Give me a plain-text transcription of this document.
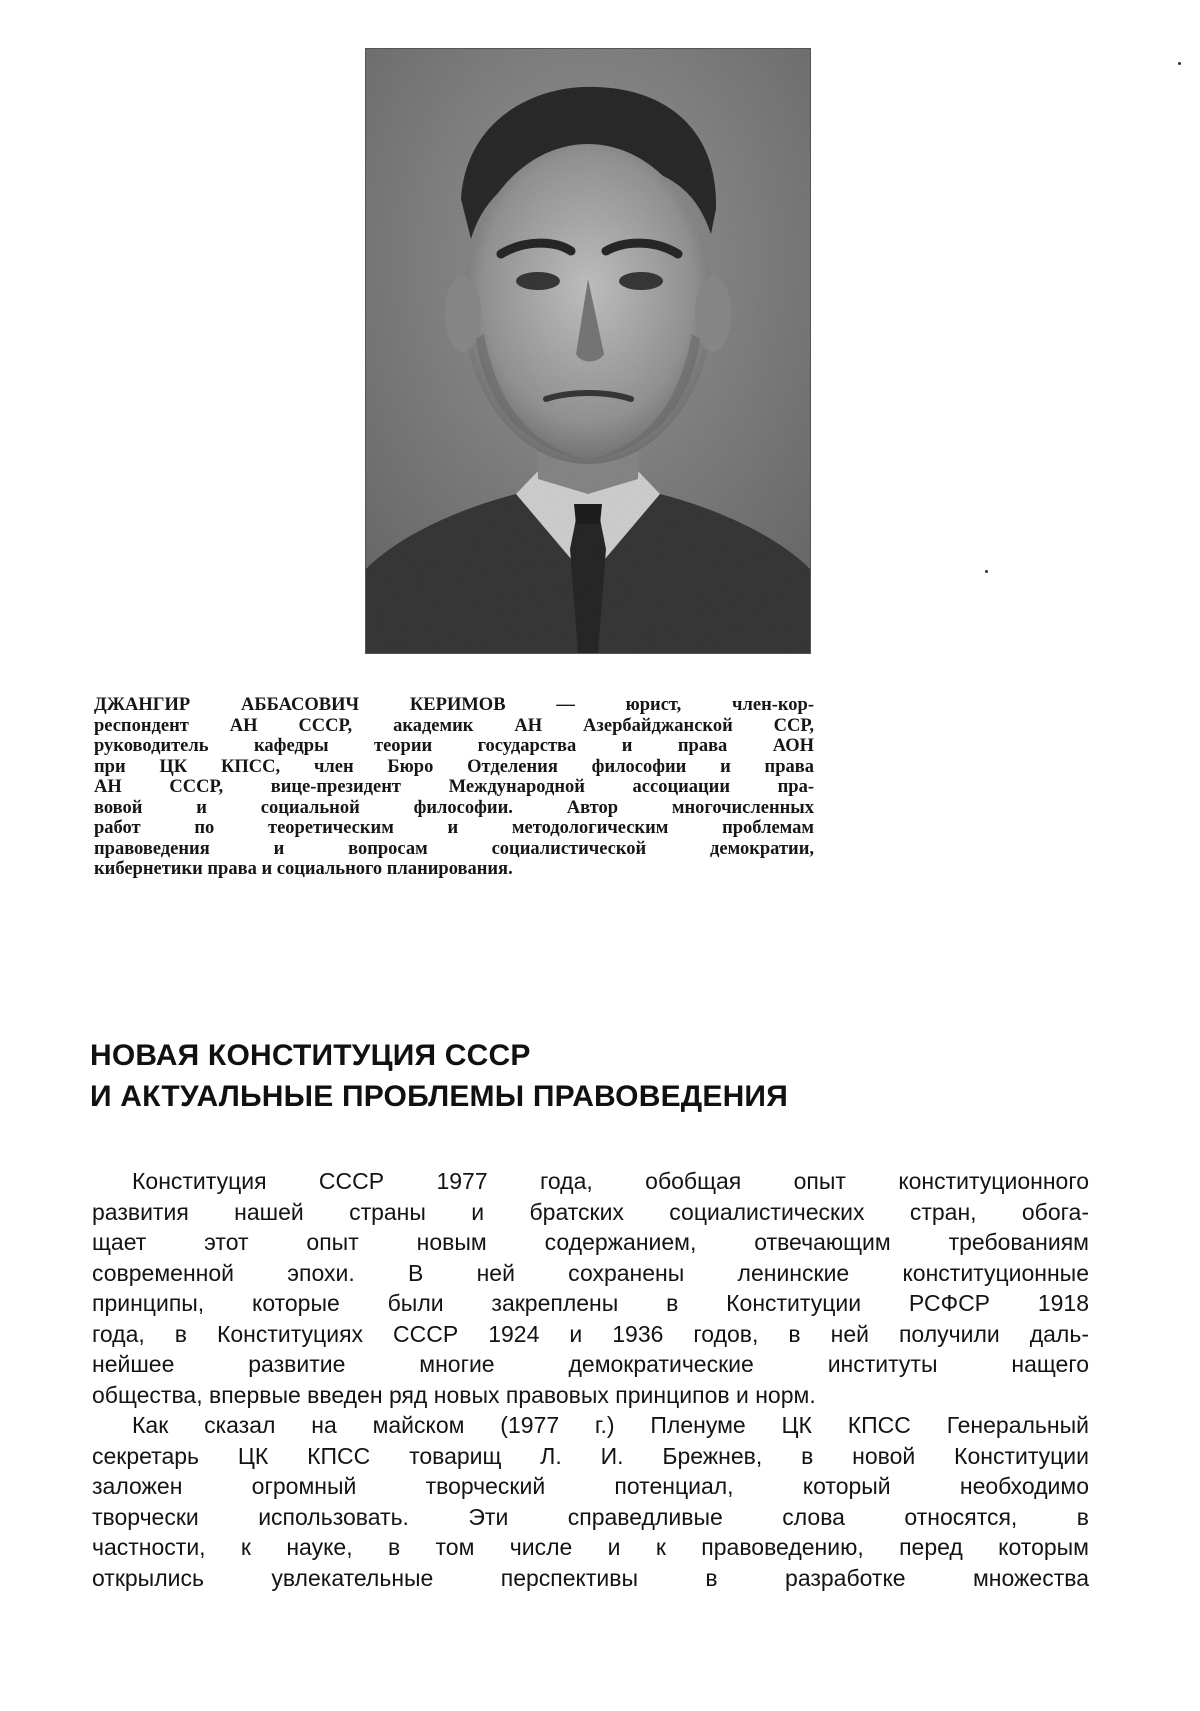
ДЖАНГИР АББАСОВИЧ КЕРИМОВ — юрист, член-кор-
респондент АН СССР, академик АН Азербайджанской ССР,
руководитель кафедры теории государства и права АОН
при ЦК КПСС, член Бюро Отделения философии и права
АН СССР, вице-президент Международной ассоциации пра-
вовой и социальной философии. Автор многочисленных
работ по теоретическим и методологическим проблемам
правоведения и вопросам социалистической демократии,
кибернетики права и социального планирования.
НОВАЯ КОНСТИТУЦИЯ СССР
И АКТУАЛЬНЫЕ ПРОБЛЕМЫ ПРАВОВЕДЕНИЯ
Конституция СССР 1977 года, обобщая опыт конституционного
развития нашей страны и братских социалистических стран, обога-
щает этот опыт новым содержанием, отвечающим требованиям
современной эпохи. В ней сохранены ленинские конституционные
принципы, которые были закреплены в Конституции РСФСР 1918
года, в Конституциях СССР 1924 и 1936 годов, в ней получили даль-
нейшее развитие многие демократические институты нащего
общества, впервые введен ряд новых правовых принципов и норм.
Как сказал на майском (1977 г.) Пленуме ЦК КПСС Генеральный
секретарь ЦК КПСС товарищ Л. И. Брежнев, в новой Конституции
заложен огромный творческий потенциал, который необходимо
творчески использовать. Эти справедливые слова относятся, в
частности, к науке, в том числе и к правоведению, перед которым
открылись увлекательные перспективы в разработке множества
